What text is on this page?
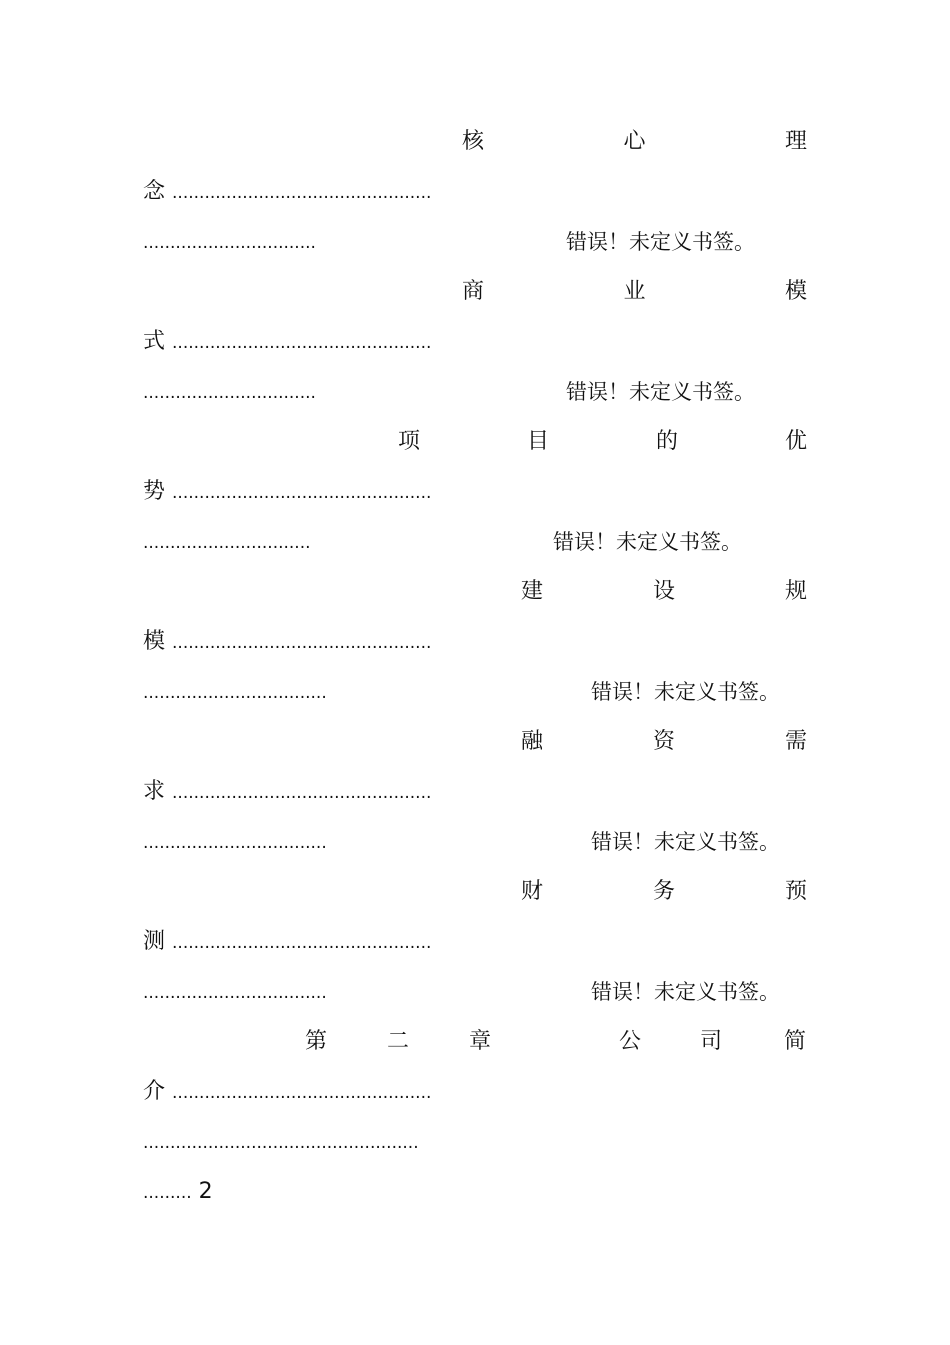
核	心	理
念 ................................................
................................	错误！未定义书签。
商	业	模
式 ................................................
................................	错误！未定义书签。
项	目	的	优
势 ................................................
...............................	错误！未定义书签。
建	设	规
模 ................................................
..................................	错误！未定义书签。
融	资	需
求 ................................................
..................................	错误！未定义书签。
财	务	预
测 ................................................
..................................	错误！未定义书签。
第	二	章	公	司	简
介 ................................................
...................................................
......... 2
